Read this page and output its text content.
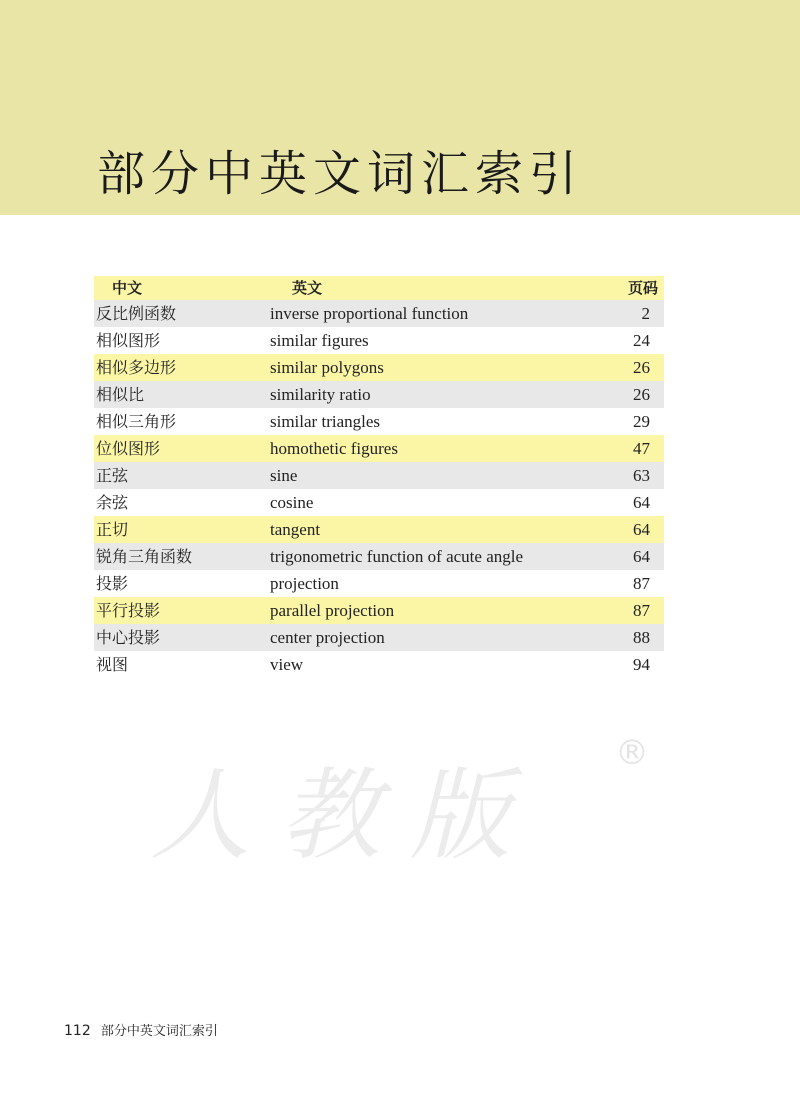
部分中英文词汇索引
中文	英文	页码
反比例函数	inverse proportional function	2
相似图形	similar figures	24
相似多边形	similar polygons	26
相似比	similarity ratio	26
相似三角形	similar triangles	29
位似图形	homothetic figures	47
正弦	sine	63
余弦	cosine	64
正切	tangent	64
锐角三角函数	trigonometric function of acute angle	64
投影	projection	87
平行投影	parallel projection	87
中心投影	center projection	88
视图	view	94
人教版
®
112 部分中英文词汇索引
